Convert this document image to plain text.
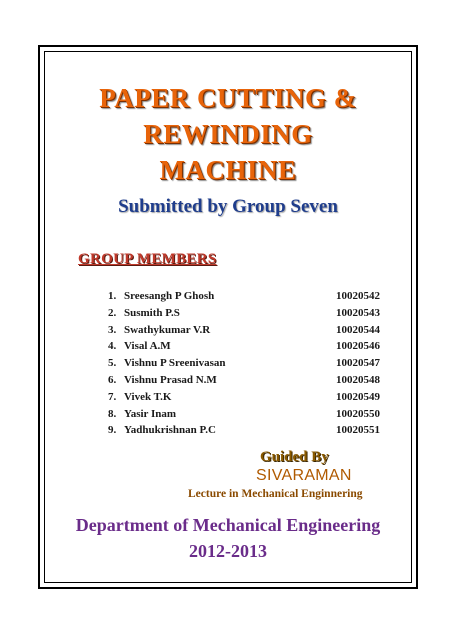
PAPER CUTTING &
REWINDING
MACHINE
Submitted by Group Seven
GROUP MEMBERS
1. Sreesangh P Ghosh	10020542
2. Susmith P.S	10020543
3. Swathykumar V.R	10020544
4. Visal A.M	10020546
5. Vishnu P Sreenivasan	10020547
6. Vishnu Prasad N.M	10020548
7. Vivek T.K	10020549
8. Yasir Inam	10020550
9. Yadhukrishnan P.C	10020551
Guided By
SIVARAMAN
Lecture in Mechanical Enginnering
Department of Mechanical Engineering
2012-2013
